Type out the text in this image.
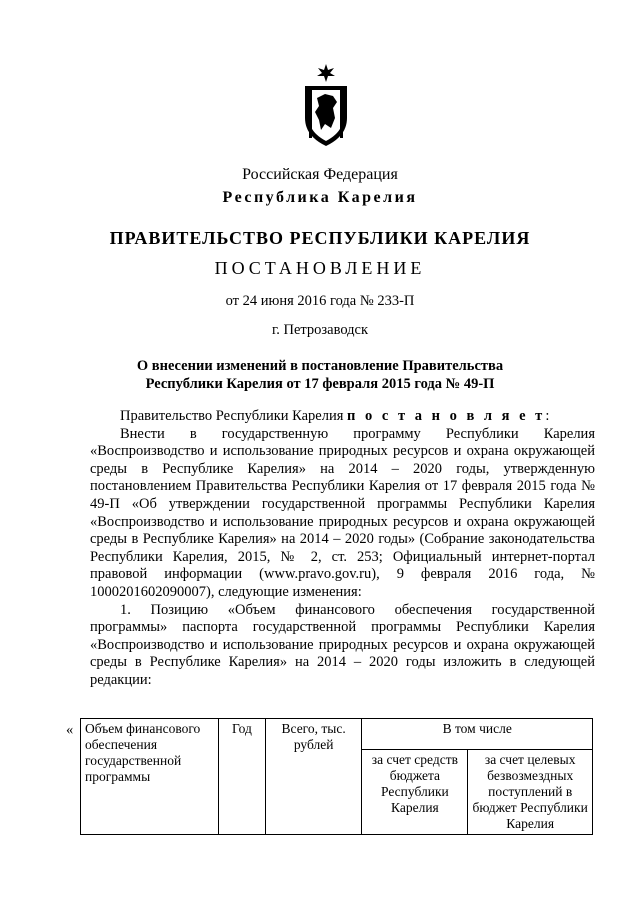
Российская Федерация
Республика Карелия
ПРАВИТЕЛЬСТВО РЕСПУБЛИКИ КАРЕЛИЯ
ПОСТАНОВЛЕНИЕ
от 24 июня 2016 года № 233-П
г. Петрозаводск
О внесении изменений в постановление Правительства
Республики Карелия от 17 февраля 2015 года № 49-П

Правительство Республики Карелия п о с т а н о в л я е т:

Внести в государственную программу Республики Карелия «Воспроизводство и использование природных ресурсов и охрана окружающей среды в Республике Карелия» на 2014 – 2020 годы, утвержденную постановлением Правительства Республики Карелия от 17 февраля 2015 года № 49-П «Об утверждении государственной программы Республики Карелия «Воспроизводство и использование природных ресурсов и охрана окружающей среды в Республике Карелия» на 2014 – 2020 годы» (Собрание законодательства Республики Карелия, 2015, № 2, ст. 253; Официальный интернет-портал правовой информации (www.pravo.gov.ru), 9 февраля 2016 года, № 1000201602090007), следующие изменения:

1. Позицию «Объем финансового обеспечения государственной программы» паспорта государственной программы Республики Карелия «Воспроизводство и использование природных ресурсов и охрана окружающей среды в Республике Карелия» на 2014 – 2020 годы изложить в следующей редакции:

« Объем финансового обеспечения государственной программы	Год	Всего, тыс. рублей	В том числе	
			за счет средств бюджета Республики Карелия	за счет целевых безвозмездных поступлений в бюджет Республики Карелия
